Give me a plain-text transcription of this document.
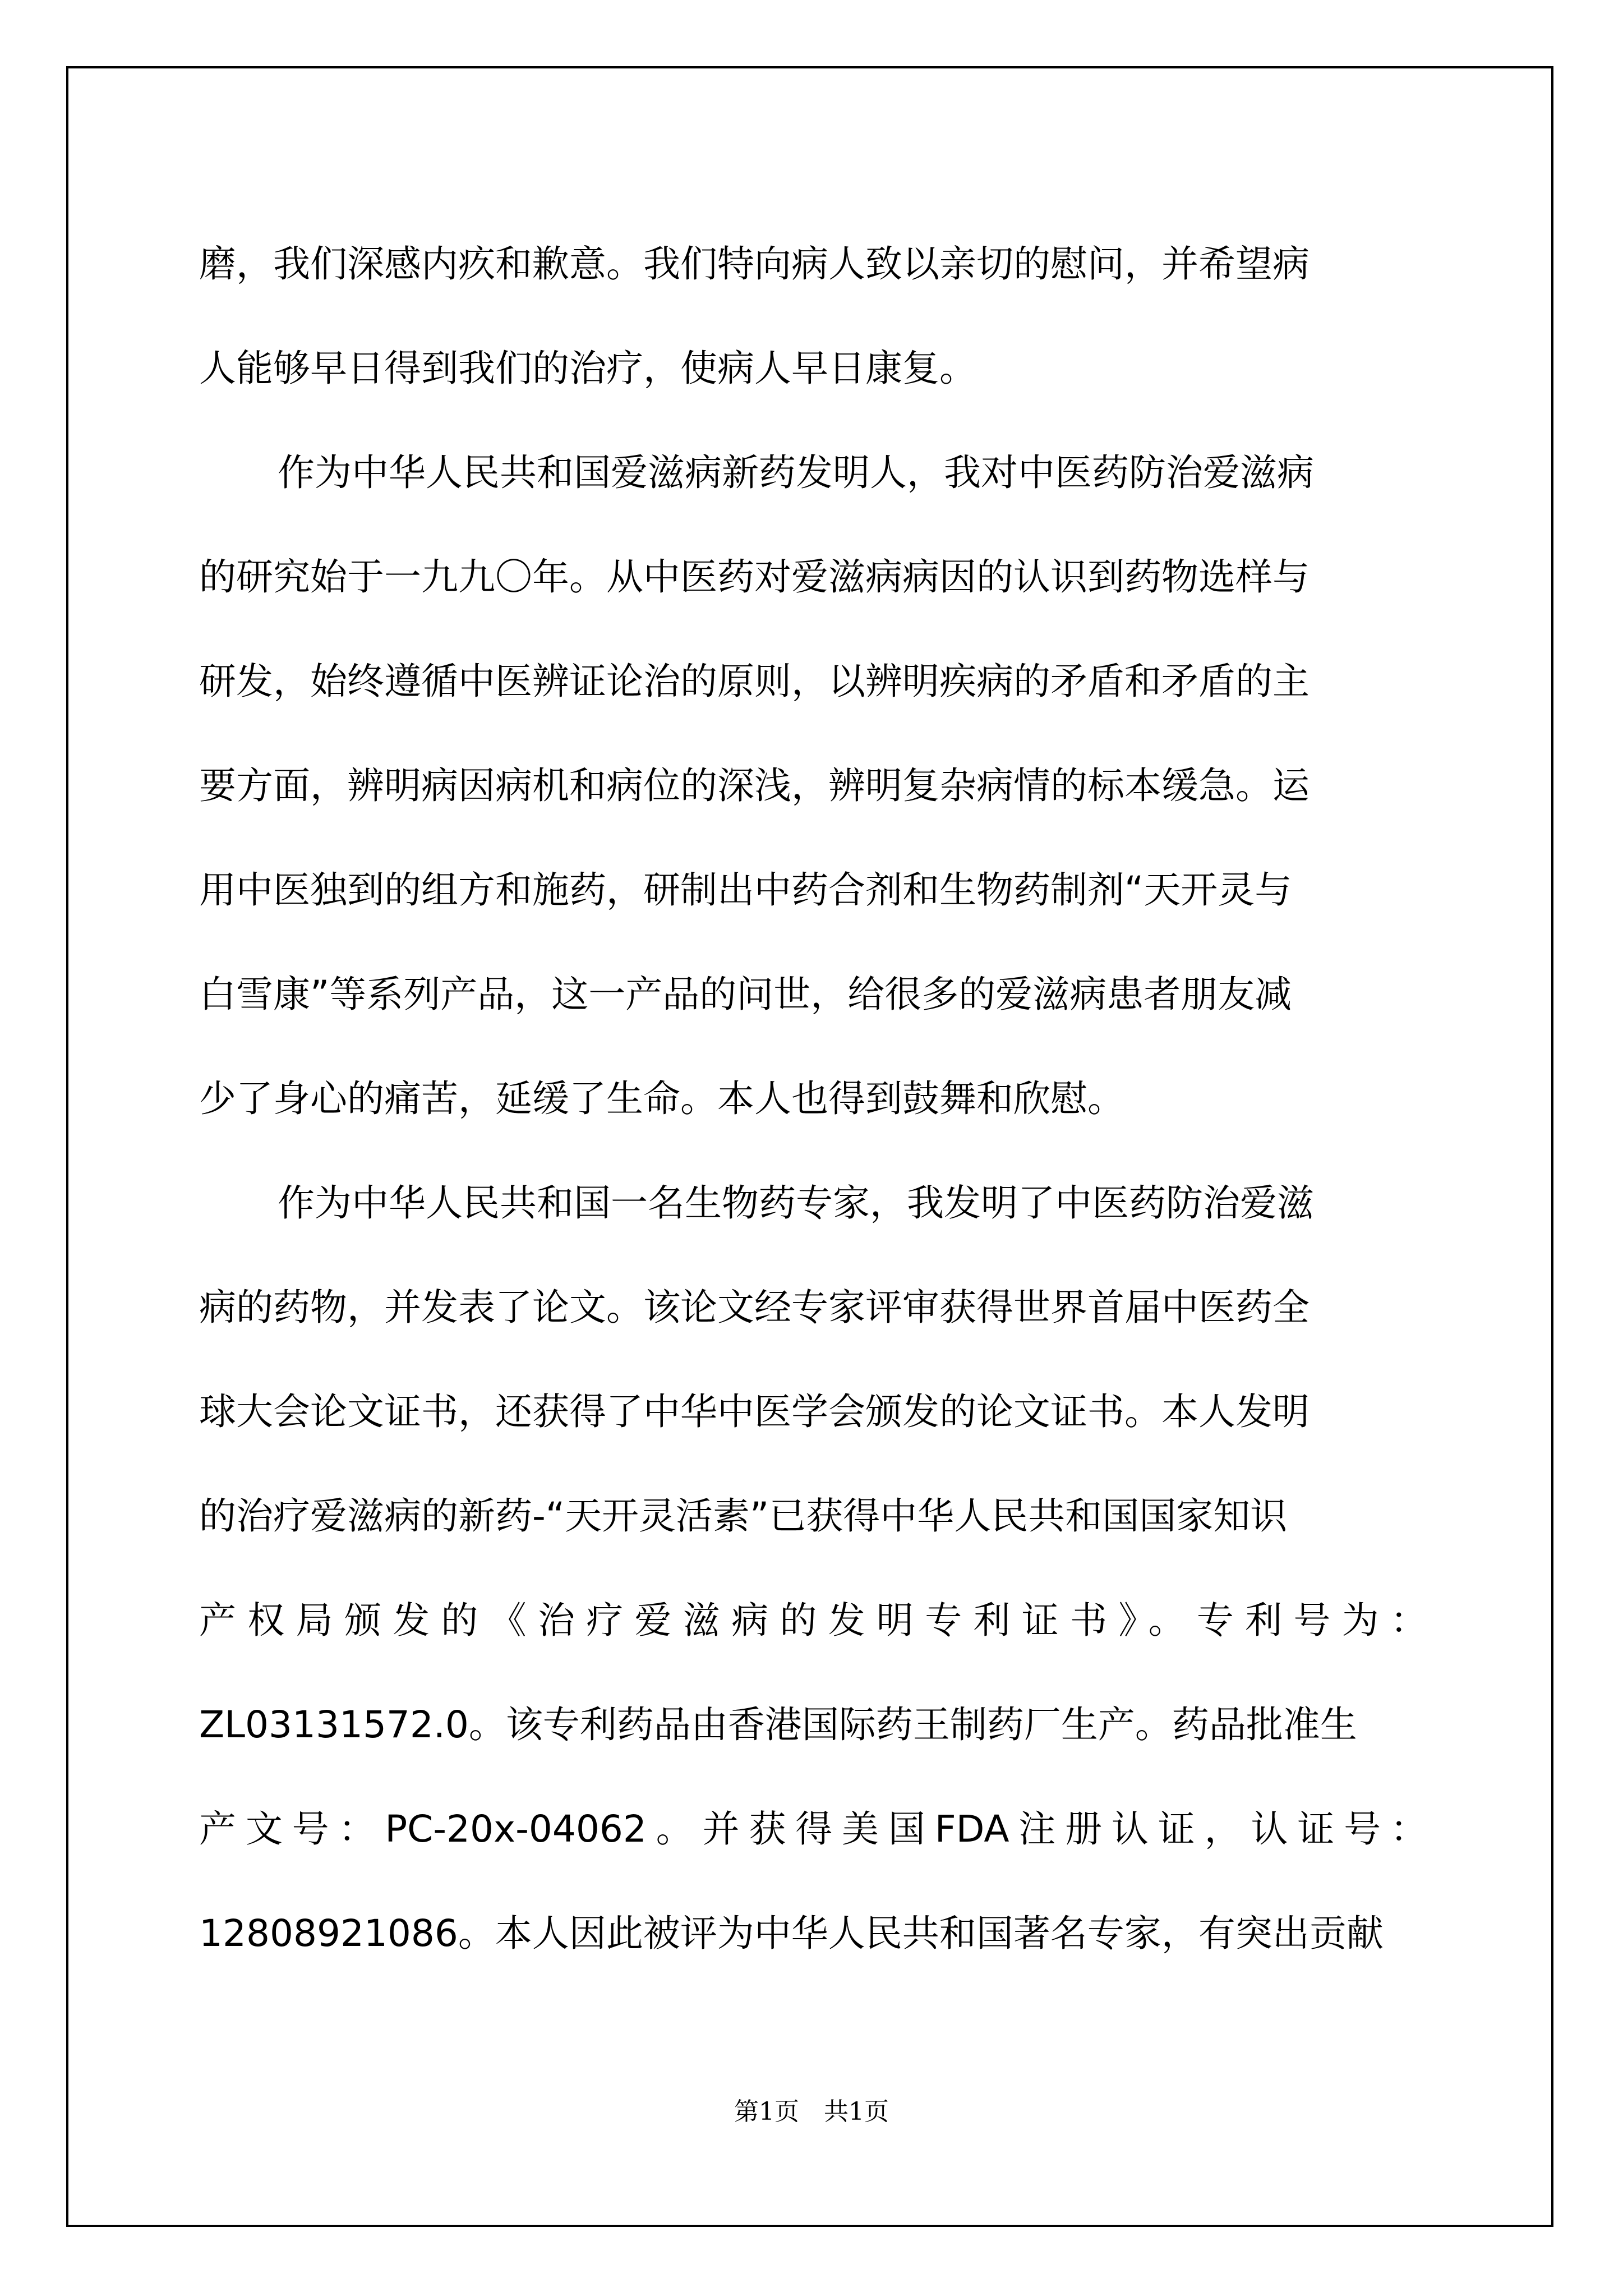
磨，我们深感内疚和歉意。我们特向病人致以亲切的慰问，并希望病
人能够早日得到我们的治疗，使病人早日康复。
作为中华人民共和国爱滋病新药发明人，我对中医药防治爱滋病
的研究始于一九九〇年。从中医药对爱滋病病因的认识到药物选样与
研发，始终遵循中医辨证论治的原则，以辨明疾病的矛盾和矛盾的主
要方面，辨明病因病机和病位的深浅，辨明复杂病情的标本缓急。运
用中医独到的组方和施药，研制出中药合剂和生物药制剂“天开灵与
白雪康”等系列产品，这一产品的问世，给很多的爱滋病患者朋友减
少了身心的痛苦，延缓了生命。本人也得到鼓舞和欣慰。
作为中华人民共和国一名生物药专家，我发明了中医药防治爱滋
病的药物，并发表了论文。该论文经专家评审获得世界首届中医药全
球大会论文证书，还获得了中华中医学会颁发的论文证书。本人发明
的治疗爱滋病的新药-“天开灵活素”已获得中华人民共和国国家知识
产权局颁发的《治疗爱滋病的发明专利证书》。专利号为：
ZL03131572.0。该专利药品由香港国际药王制药厂生产。药品批准生
产文号：PC-20x-04062。并获得美国FDA注册认证，认证号：
12808921086。本人因此被评为中华人民共和国著名专家，有突出贡献
第1页　共1页
